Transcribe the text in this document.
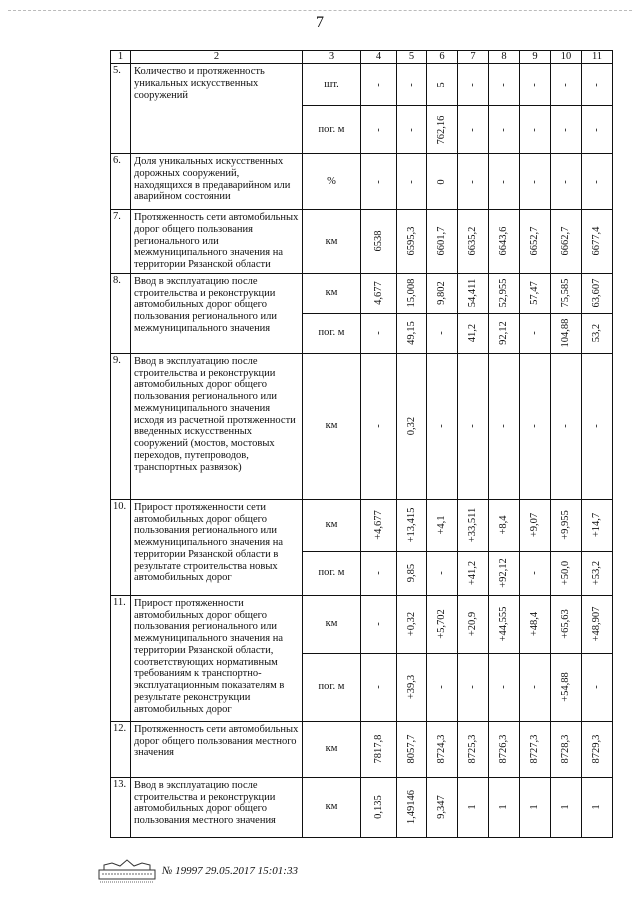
7
1	2	3	4	5	6	7	8	9	10	11
5.	Количество и протяженность уникальных искусственных сооружений	шт.	-	-	5	-	-	-	-	-

		пог. м	-	-	762,16	-	-	-	-	-

6.	Доля уникальных искусственных дорожных сооружений, находящихся в предаварийном или аварийном состоянии	%	-	-	0	-	-	-	-	-

7.	Протяженность сети автомобильных дорог общего пользования регионального или межмуниципального значения на территории Рязанской области	км	6538	6595,3	6601,7	6635,2	6643,6	6652,7	6662,7	6677,4

8.	Ввод в эксплуатацию после строительства и реконструкции автомобильных дорог общего пользования регионального или межмуниципального значения	км	4,677	15,008	9,802	54,411	52,955	57,47	75,585	63,607

		пог. м	-	49,15	-	41,2	92,12	-	104,88	53,2

9.	Ввод в эксплуатацию после строительства и реконструкции автомобильных дорог общего пользования регионального или межмуниципального значения исходя из расчетной протяженности введенных искусственных сооружений (мостов, мостовых переходов, путепроводов, транспортных развязок)	км	-	0,32	-	-	-	-	-	-

10.	Прирост протяженности сети автомобильных дорог общего пользования регионального или межмуниципального значения на территории Рязанской области в результате строительства новых автомобильных дорог	км	+4,677	+13,415	+4,1	+33,511	+8,4	+9,07	+9,955	+14,7

		пог. м	-	9,85	-	+41,2	+92,12	-	+50,0	+53,2

11.	Прирост протяженности автомобильных дорог общего пользования регионального или межмуниципального значения на территории Рязанской области, соответствующих нормативным требованиям к транспортно-эксплуатационным показателям в результате реконструкции автомобильных дорог	км	-	+0,32	+5,702	+20,9	+44,555	+48,4	+65,63	+48,907

		пог. м	-	+39,3	-	-	-	-	+54,88	-

12.	Протяженность сети автомобильных дорог общего пользования местного значения	км	7817,8	8057,7	8724,3	8725,3	8726,3	8727,3	8728,3	8729,3

13.	Ввод в эксплуатацию после строительства и реконструкции автомобильных дорог общего пользования местного значения	км	0,135	1,49146	9,347	1	1	1	1	1
№ 19997 29.05.2017 15:01:33
